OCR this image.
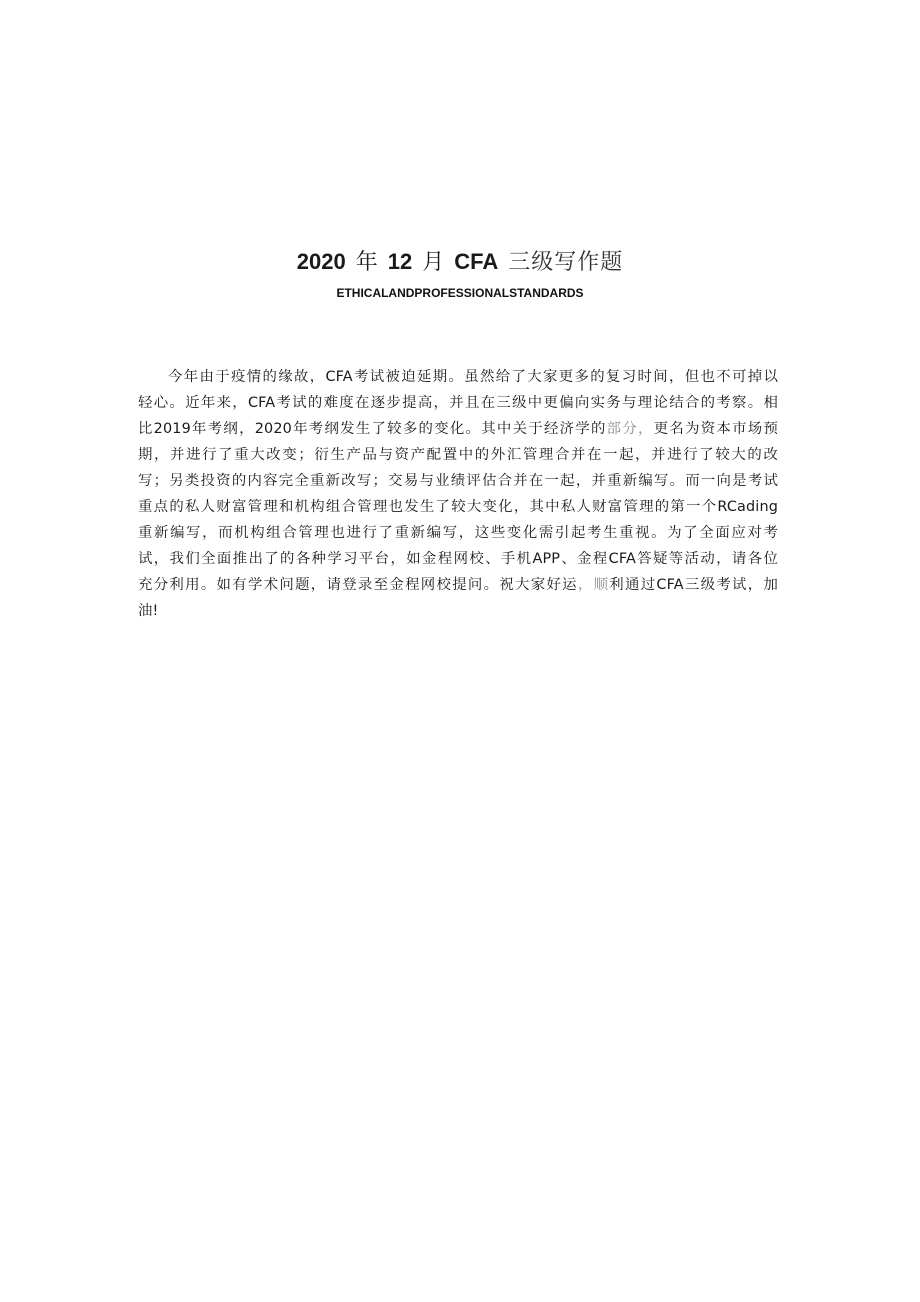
2020 年 12 月 CFA 三级写作题
ETHICALANDPROFESSIONALSTANDARDS
今年由于疫情的缘故，CFA考试被迫延期。虽然给了大家更多的复习时间，但也不可掉以
轻心。近年来，CFA考试的难度在逐步提高，并且在三级中更偏向实务与理论结合的考察。相
比2019年考纲，2020年考纲发生了较多的变化。其中关于经济学的部分，更名为资本市场预
期，并进行了重大改变；衍生产品与资产配置中的外汇管理合并在一起，并进行了较大的改
写；另类投资的内容完全重新改写；交易与业绩评估合并在一起，并重新编写。而一向是考试
重点的私人财富管理和机构组合管理也发生了较大变化，其中私人财富管理的第一个RCading
重新编写，而机构组合管理也进行了重新编写，这些变化需引起考生重视。为了全面应对考
试，我们全面推出了的各种学习平台，如金程网校、手机APP、金程CFA答疑等活动，请各位
充分利用。如有学术问题，请登录至金程网校提问。祝大家好运，顺利通过CFA三级考试，加
油!
